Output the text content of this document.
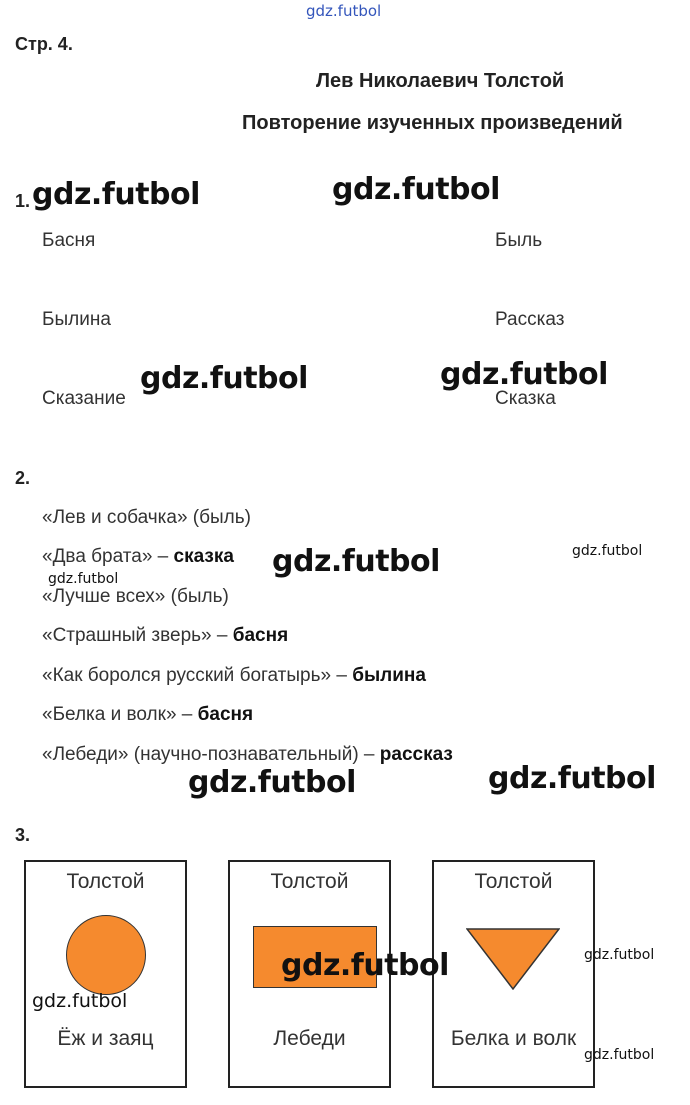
gdz.futbol
Стр. 4.
Лев Николаевич Толстой
Повторение изученных произведений
1. gdz.futbol	gdz.futbol
Басня	Быль
Былина	Рассказ
Сказание	Сказка
gdz.futbol	gdz.futbol
2.
«Лев и собачка» (быль)
«Два брата» – сказка
«Лучше всех» (быль)
«Страшный зверь» – басня
«Как боролся русский богатырь» – былина
«Белка и волк» – басня
«Лебеди» (научно-познавательный) – рассказ
gdz.futbol
gdz.futbol
gdz.futbol
gdz.futbol	gdz.futbol
3.
Толстой
Ёж и заяц
Толстой
Лебеди
Толстой
Белка и волк
gdz.futbol
gdz.futbol	gdz.futbol
gdz.futbol
